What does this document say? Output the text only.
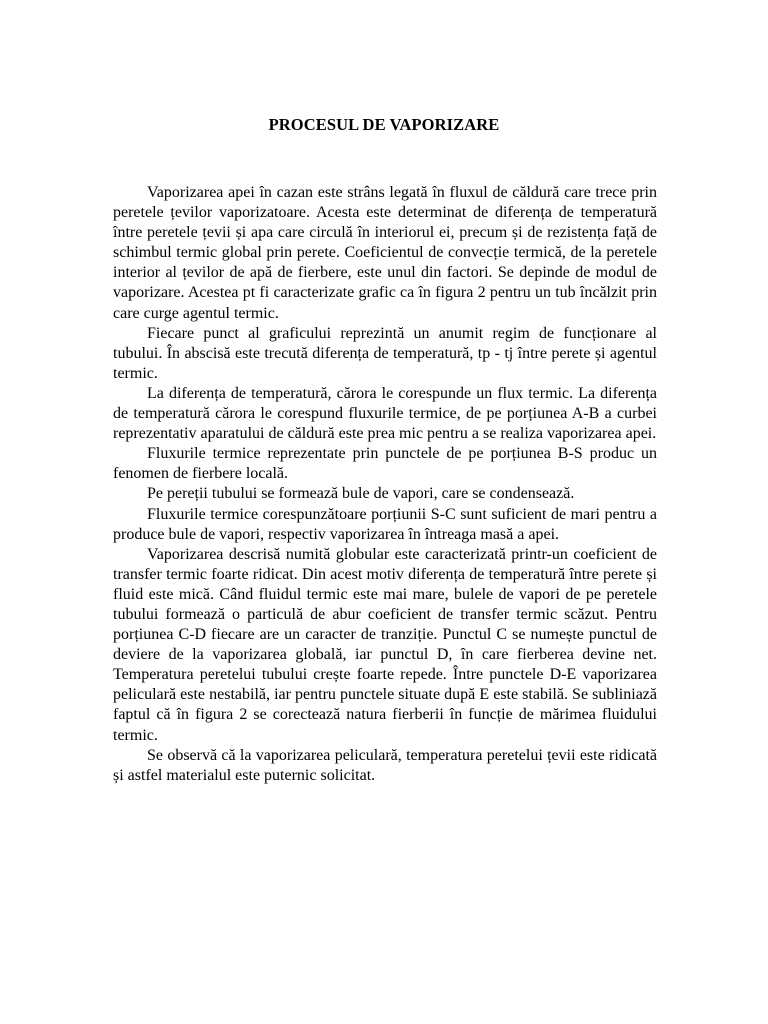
PROCESUL DE VAPORIZARE

Vaporizarea apei în cazan este strâns legată în fluxul de căldură care trece prin peretele țevilor vaporizatoare. Acesta este determinat de diferența de temperatură între peretele țevii și apa care circulă în interiorul ei, precum și de rezistența față de schimbul termic global prin perete. Coeficientul de convecție termică, de la peretele interior al țevilor de apă de fierbere, este unul din factori. Se depinde de modul de vaporizare. Acestea pt fi caracterizate grafic ca în figura 2 pentru un tub încălzit prin care curge agentul termic.

Fiecare punct al graficului reprezintă un anumit regim de funcționare al tubului. În abscisă este trecută diferența de temperatură, tp - tj între perete și agentul termic.

La diferența de temperatură, cărora le corespunde un flux termic. La diferența de temperatură cărora le corespund fluxurile termice, de pe porțiunea A-B a curbei reprezentativ aparatului de căldură este prea mic pentru a se realiza vaporizarea apei.

Fluxurile termice reprezentate prin punctele de pe porțiunea B-S produc un fenomen de fierbere locală.

Pe pereții tubului se formează bule de vapori, care se condensează.

Fluxurile termice corespunzătoare porțiunii S-C sunt suficient de mari pentru a produce bule de vapori, respectiv vaporizarea în întreaga masă a apei.

Vaporizarea descrisă numită globular este caracterizată printr-un coeficient de transfer termic foarte ridicat. Din acest motiv diferența de temperatură între perete și fluid este mică. Când fluidul termic este mai mare, bulele de vapori de pe peretele tubului formează o particulă de abur coeficient de transfer termic scăzut. Pentru porțiunea C-D fiecare are un caracter de tranziție. Punctul C se numește punctul de deviere de la vaporizarea globală, iar punctul D, în care fierberea devine net. Temperatura peretelui tubului crește foarte repede. Între punctele D-E vaporizarea peliculară este nestabilă, iar pentru punctele situate după E este stabilă. Se subliniază faptul că în figura 2 se corectează natura fierberii în funcție de mărimea fluidului termic.

Se observă că la vaporizarea peliculară, temperatura peretelui țevii este ridicată și astfel materialul este puternic solicitat.
